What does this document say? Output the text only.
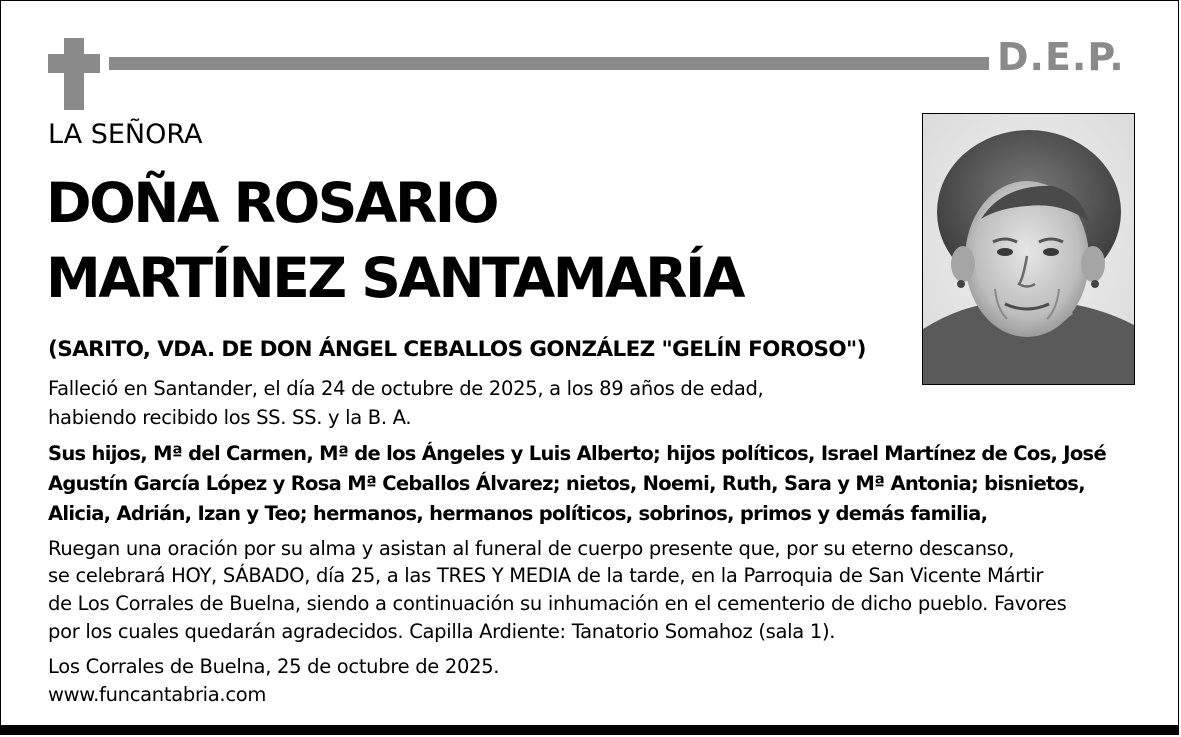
D.E.P.
LA SEÑORA
DOÑA ROSARIO
MARTÍNEZ SANTAMARÍA
(SARITO, VDA. DE DON ÁNGEL CEBALLOS GONZÁLEZ "GELÍN FOROSO")
Falleció en Santander, el día 24 de octubre de 2025, a los 89 años de edad,
habiendo recibido los SS. SS. y la B. A.
Sus hijos, Mª del Carmen, Mª de los Ángeles y Luis Alberto; hijos políticos, Israel Martínez de Cos, José
Agustín García López y Rosa Mª Ceballos Álvarez; nietos, Noemi, Ruth, Sara y Mª Antonia; bisnietos,
Alicia, Adrián, Izan y Teo; hermanos, hermanos políticos, sobrinos, primos y demás familia,
Ruegan una oración por su alma y asistan al funeral de cuerpo presente que, por su eterno descanso,
se celebrará HOY, SÁBADO, día 25, a las TRES Y MEDIA de la tarde, en la Parroquia de San Vicente Mártir
de Los Corrales de Buelna, siendo a continuación su inhumación en el cementerio de dicho pueblo. Favores
por los cuales quedarán agradecidos. Capilla Ardiente: Tanatorio Somahoz (sala 1).
Los Corrales de Buelna, 25 de octubre de 2025.
www.funcantabria.com
